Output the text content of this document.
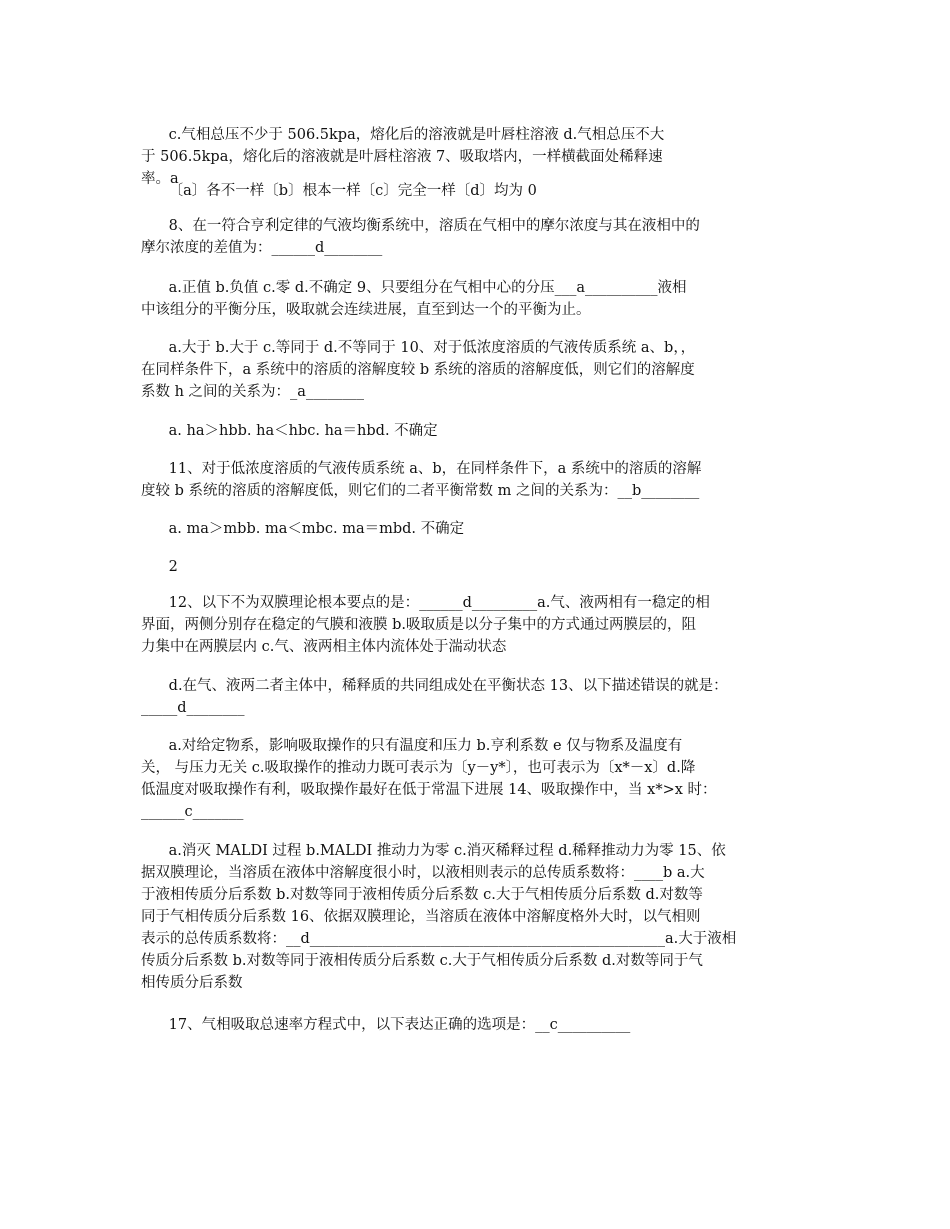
c.气相总压不少于 506.5kpa，熔化后的溶液就是叶唇柱溶液 d.气相总压不大
于 506.5kpa，熔化后的溶液就是叶唇柱溶液 7、吸取塔内，一样横截面处稀释速
率。a

〔a〕各不一样〔b〕根本一样〔c〕完全一样〔d〕均为 0

8、在一符合亨利定律的气液均衡系统中，溶质在气相中的摩尔浓度与其在液相中的
摩尔浓度的差值为：______d________

a.正值 b.负值 c.零 d.不确定 9、只要组分在气相中心的分压___a__________液相
中该组分的平衡分压，吸取就会连续进展，直至到达一个的平衡为止。

a.大于 b.大于 c.等同于 d.不等同于 10、对于低浓度溶质的气液传质系统 a、b，，
在同样条件下，a 系统中的溶质的溶解度较 b 系统的溶质的溶解度低，则它们的溶解度
系数 h 之间的关系为：_a________

a. ha＞hbb. ha＜hbc. ha＝hbd. 不确定

11、对于低浓度溶质的气液传质系统 a、b，在同样条件下，a 系统中的溶质的溶解
度较 b 系统的溶质的溶解度低，则它们的二者平衡常数 m 之间的关系为：__b________

a. ma＞mbb. ma＜mbc. ma＝mbd. 不确定

2

12、以下不为双膜理论根本要点的是：______d_________a.气、液两相有一稳定的相
界面，两侧分别存在稳定的气膜和液膜 b.吸取质是以分子集中的方式通过两膜层的，阻
力集中在两膜层内 c.气、液两相主体内流体处于湍动状态

d.在气、液两二者主体中，稀释质的共同组成处在平衡状态 13、以下描述错误的就是：
_____d________

a.对给定物系，影响吸取操作的只有温度和压力 b.亨利系数 e 仅与物系及温度有
关， 与压力无关 c.吸取操作的推动力既可表示为〔y－y*〕，也可表示为〔x*－x〕d.降
低温度对吸取操作有利，吸取操作最好在低于常温下进展 14、吸取操作中，当 x*>x 时：
______c_______

a.消灭 MALDI 过程 b.MALDI 推动力为零 c.消灭稀释过程 d.稀释推动力为零 15、依
据双膜理论，当溶质在液体中溶解度很小时，以液相则表示的总传质系数将：____b a.大
于液相传质分后系数 b.对数等同于液相传质分后系数 c.大于气相传质分后系数 d.对数等
同于气相传质分后系数 16、依据双膜理论，当溶质在液体中溶解度格外大时，以气相则
表示的总传质系数将：__d_________________________________________________a.大于液相
传质分后系数 b.对数等同于液相传质分后系数 c.大于气相传质分后系数 d.对数等同于气
相传质分后系数

17、气相吸取总速率方程式中，以下表达正确的选项是：__c__________
